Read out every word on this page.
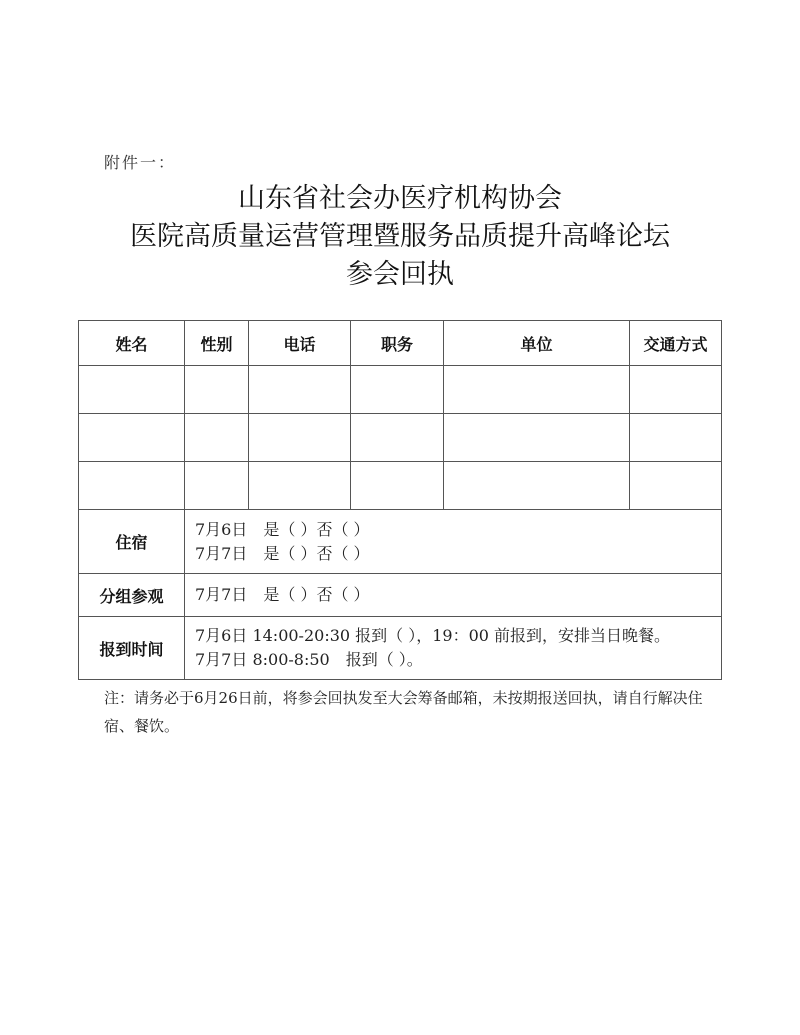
附件一：
山东省社会办医疗机构协会
医院高质量运营管理暨服务品质提升高峰论坛
参会回执
姓名	性别	电话	职务	单位	交通方式

住宿	7月6日　是（ ）否（ ）
7月7日　是（ ）否（ ）				

分组参观	7月7日　是（ ）否（ ）				

报到时间	7月6日 14:00-20:30 报到（ ），19：00 前报到，安排当日晚餐。
7月7日 8:00-8:50　报到（ ）。				
注：请务必于6月26日前，将参会回执发至大会筹备邮箱，未按期报送回执，请自行解决住宿、餐饮。
